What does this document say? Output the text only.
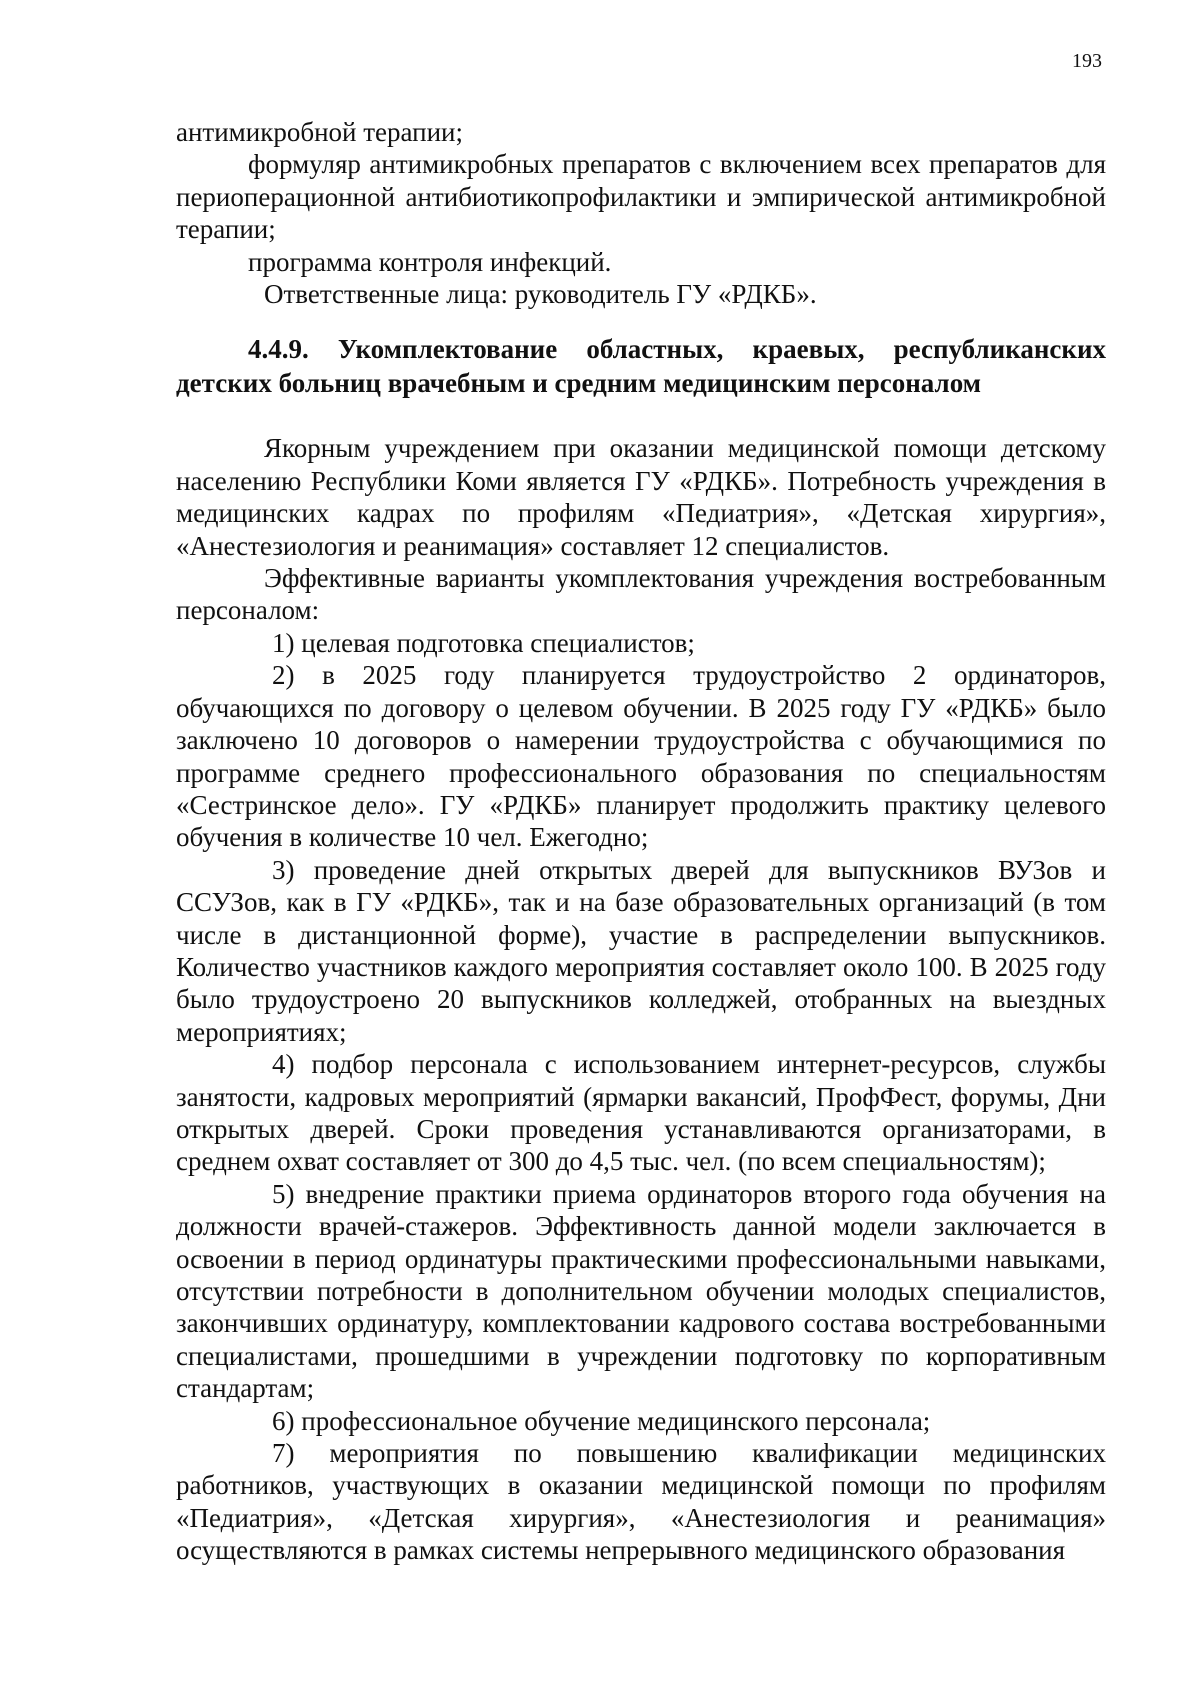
193

антимикробной терапии;

формуляр антимикробных препаратов с включением всех препаратов для периоперационной антибиотикопрофилактики и эмпирической антимикробной терапии;

программа контроля инфекций.

Ответственные лица: руководитель ГУ «РДКБ».

4.4.9. Укомплектование областных, краевых, республиканских детских больниц врачебным и средним медицинским персоналом

Якорным учреждением при оказании медицинской помощи детскому населению Республики Коми является ГУ «РДКБ». Потребность учреждения в медицинских кадрах по профилям «Педиатрия», «Детская хирургия», «Анестезиология и реанимация» составляет 12 специалистов.

Эффективные варианты укомплектования учреждения востребованным персоналом:

1) целевая подготовка специалистов;

2) в 2025 году планируется трудоустройство 2 ординаторов, обучающихся по договору о целевом обучении. В 2025 году ГУ «РДКБ» было заключено 10 договоров о намерении трудоустройства с обучающимися по программе среднего профессионального образования по специальностям «Сестринское дело». ГУ «РДКБ» планирует продолжить практику целевого обучения в количестве 10 чел. Ежегодно;

3) проведение дней открытых дверей для выпускников ВУЗов и ССУЗов, как в ГУ «РДКБ», так и на базе образовательных организаций (в том числе в дистанционной форме), участие в распределении выпускников. Количество участников каждого мероприятия составляет около 100. В 2025 году было трудоустроено 20 выпускников колледжей, отобранных на выездных мероприятиях;

4) подбор персонала с использованием интернет-ресурсов, службы занятости, кадровых мероприятий (ярмарки вакансий, ПрофФест, форумы, Дни открытых дверей. Сроки проведения устанавливаются организаторами, в среднем охват составляет от 300 до 4,5 тыс. чел. (по всем специальностям);

5) внедрение практики приема ординаторов второго года обучения на должности врачей-стажеров. Эффективность данной модели заключается в освоении в период ординатуры практическими профессиональными навыками, отсутствии потребности в дополнительном обучении молодых специалистов, закончивших ординатуру, комплектовании кадрового состава востребованными специалистами, прошедшими в учреждении подготовку по корпоративным стандартам;

6) профессиональное обучение медицинского персонала;

7) мероприятия по повышению квалификации медицинских работников, участвующих в оказании медицинской помощи по профилям «Педиатрия», «Детская хирургия», «Анестезиология и реанимация» осуществляются в рамках системы непрерывного медицинского образования
